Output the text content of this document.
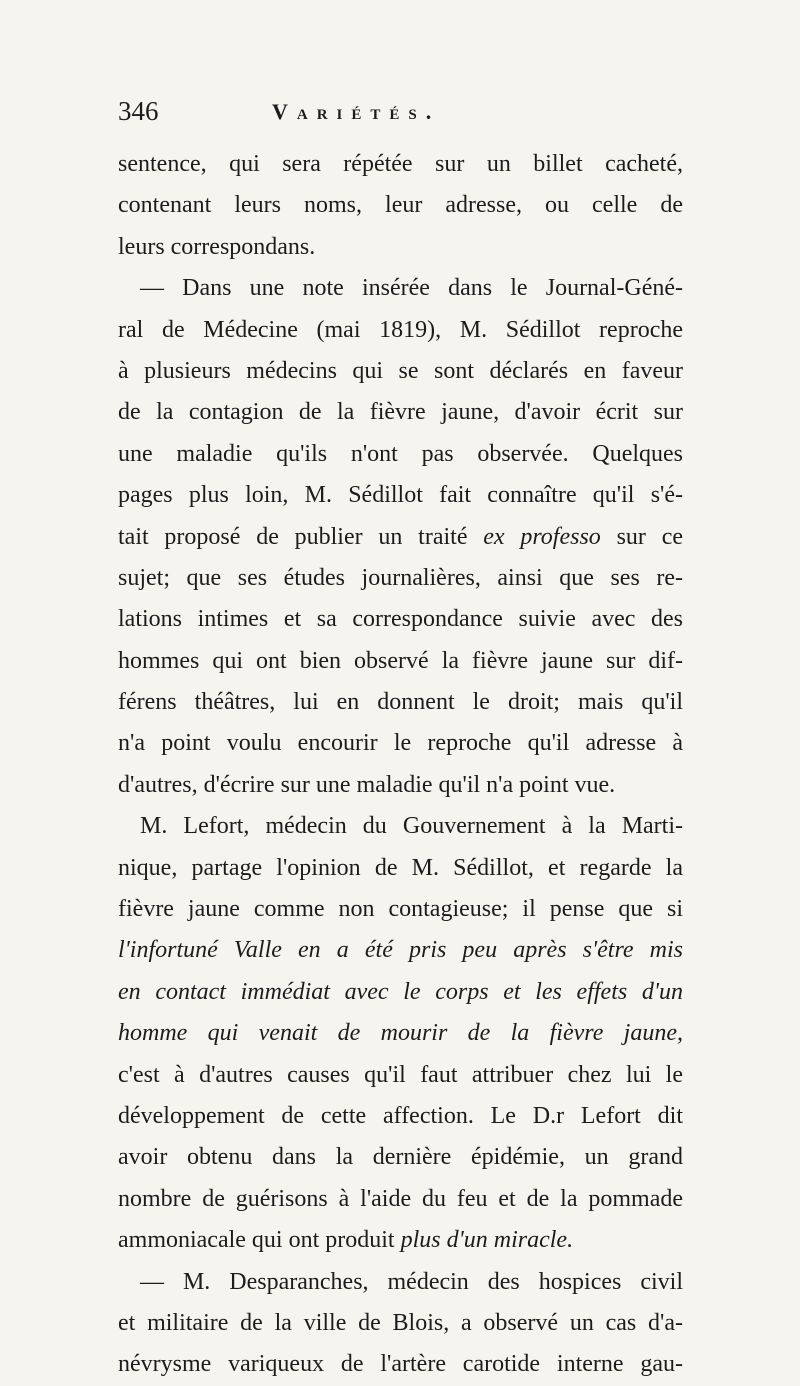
346	Variétés.
sentence, qui sera répétée sur un billet cacheté,
contenant leurs noms, leur adresse, ou celle de
leurs correspondans.
— Dans une note insérée dans le Journal-Géné-
ral de Médecine (mai 1819), M. Sédillot reproche
à plusieurs médecins qui se sont déclarés en faveur
de la contagion de la fièvre jaune, d'avoir écrit sur
une maladie qu'ils n'ont pas observée. Quelques
pages plus loin, M. Sédillot fait connaître qu'il s'é-
tait proposé de publier un traité ex professo sur ce
sujet; que ses études journalières, ainsi que ses re-
lations intimes et sa correspondance suivie avec des
hommes qui ont bien observé la fièvre jaune sur dif-
férens théâtres, lui en donnent le droit; mais qu'il
n'a point voulu encourir le reproche qu'il adresse à
d'autres, d'écrire sur une maladie qu'il n'a point vue.
M. Lefort, médecin du Gouvernement à la Marti-
nique, partage l'opinion de M. Sédillot, et regarde la
fièvre jaune comme non contagieuse; il pense que si
l'infortuné Valle en a été pris peu après s'être mis
en contact immédiat avec le corps et les effets d'un
homme qui venait de mourir de la fièvre jaune,
c'est à d'autres causes qu'il faut attribuer chez lui le
développement de cette affection. Le D.r Lefort dit
avoir obtenu dans la dernière épidémie, un grand
nombre de guérisons à l'aide du feu et de la pommade
ammoniacale qui ont produit plus d'un miracle.
— M. Desparanches, médecin des hospices civil
et militaire de la ville de Blois, a observé un cas d'a-
névrysme variqueux de l'artère carotide interne gau-
